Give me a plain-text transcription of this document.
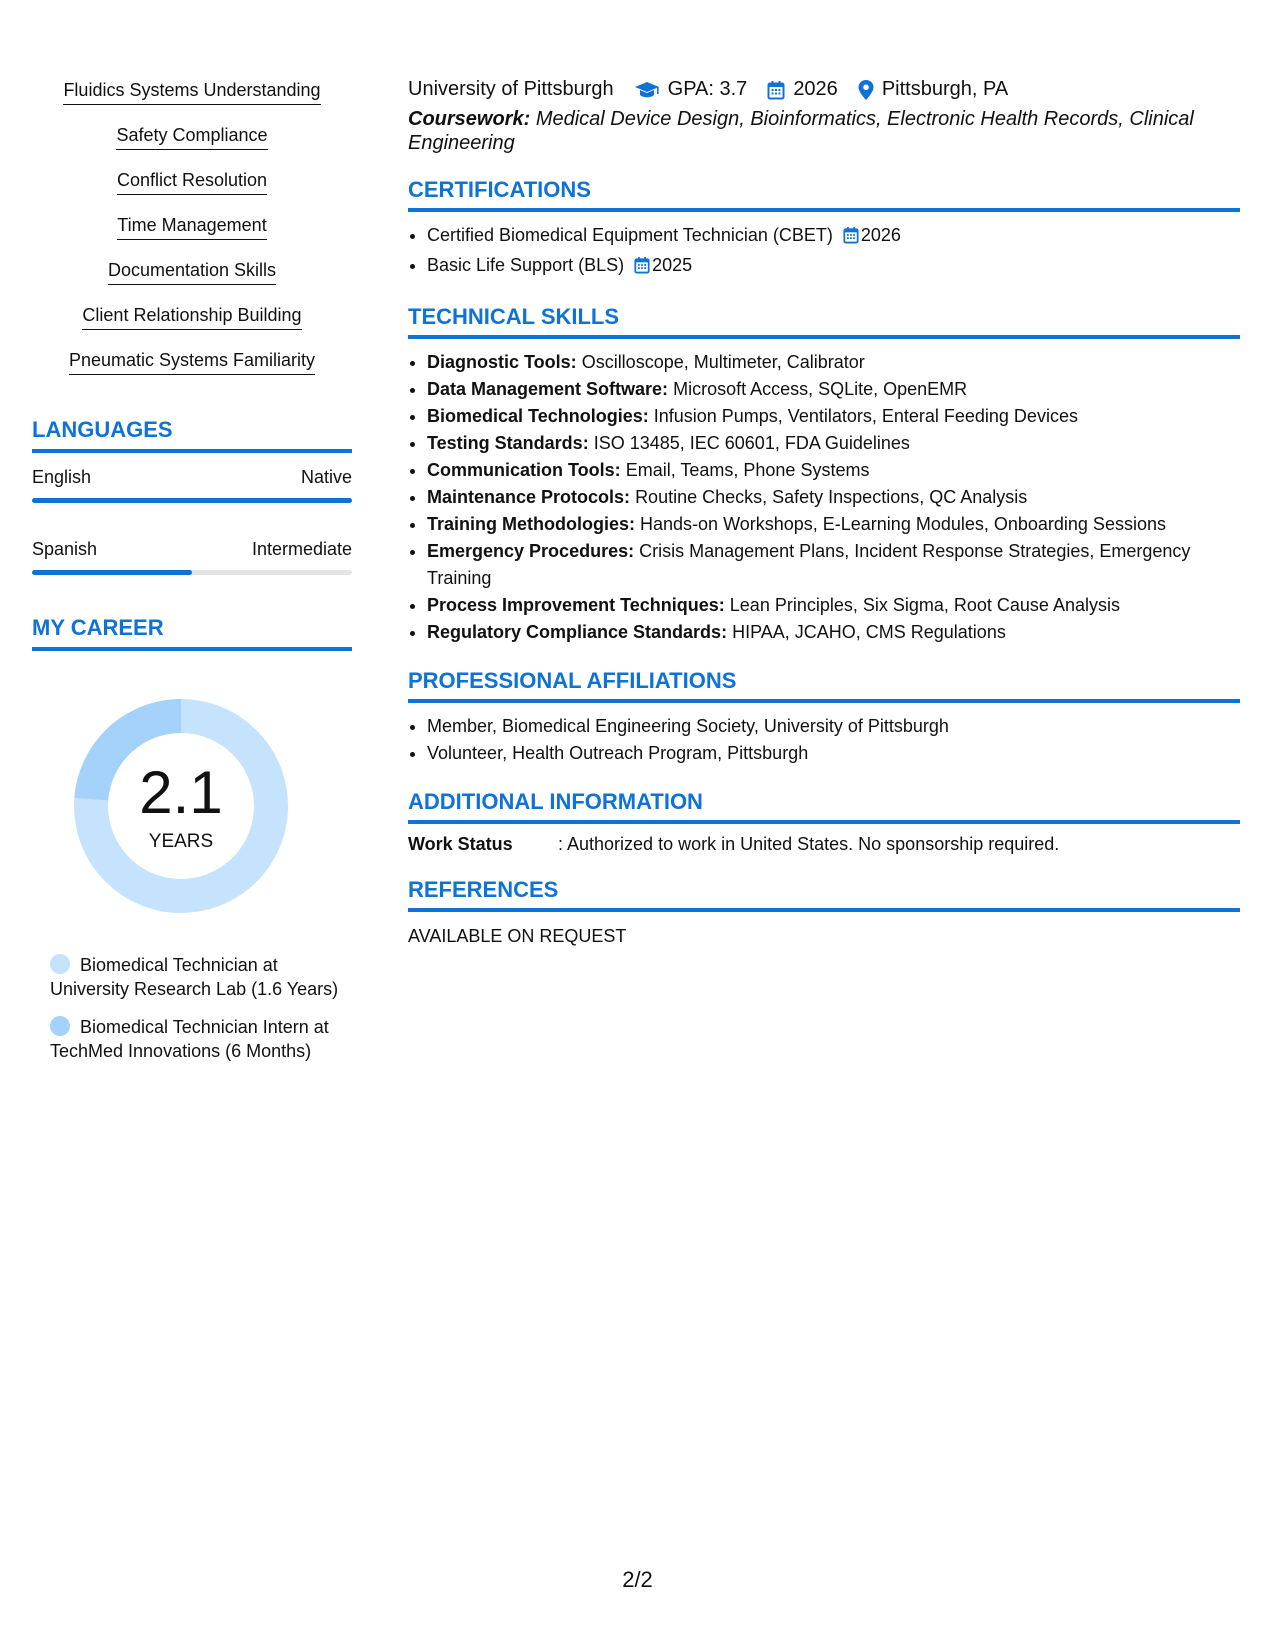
Fluidics Systems Understanding
Safety Compliance
Conflict Resolution
Time Management
Documentation Skills
Client Relationship Building
Pneumatic Systems Familiarity
LANGUAGES
English	Native
Spanish	Intermediate
MY CAREER
2.1
YEARS
Biomedical Technician at University Research Lab (1.6 Years)
Biomedical Technician Intern at TechMed Innovations (6 Months)
University of Pittsburgh	GPA: 3.7 2026 Pittsburgh, PA
Coursework: Medical Device Design, Bioinformatics, Electronic Health Records, Clinical Engineering
CERTIFICATIONS
• Certified Biomedical Equipment Technician (CBET) 2026
• Basic Life Support (BLS) 2025
TECHNICAL SKILLS
• Diagnostic Tools: Oscilloscope, Multimeter, Calibrator
• Data Management Software: Microsoft Access, SQLite, OpenEMR
• Biomedical Technologies: Infusion Pumps, Ventilators, Enteral Feeding Devices
• Testing Standards: ISO 13485, IEC 60601, FDA Guidelines
• Communication Tools: Email, Teams, Phone Systems
• Maintenance Protocols: Routine Checks, Safety Inspections, QC Analysis
• Training Methodologies: Hands-on Workshops, E-Learning Modules, Onboarding Sessions
• Emergency Procedures: Crisis Management Plans, Incident Response Strategies, Emergency Training
• Process Improvement Techniques: Lean Principles, Six Sigma, Root Cause Analysis
• Regulatory Compliance Standards: HIPAA, JCAHO, CMS Regulations
PROFESSIONAL AFFILIATIONS
• Member, Biomedical Engineering Society, University of Pittsburgh
• Volunteer, Health Outreach Program, Pittsburgh
ADDITIONAL INFORMATION
Work Status	: Authorized to work in United States. No sponsorship required.
REFERENCES
AVAILABLE ON REQUEST
2/2
